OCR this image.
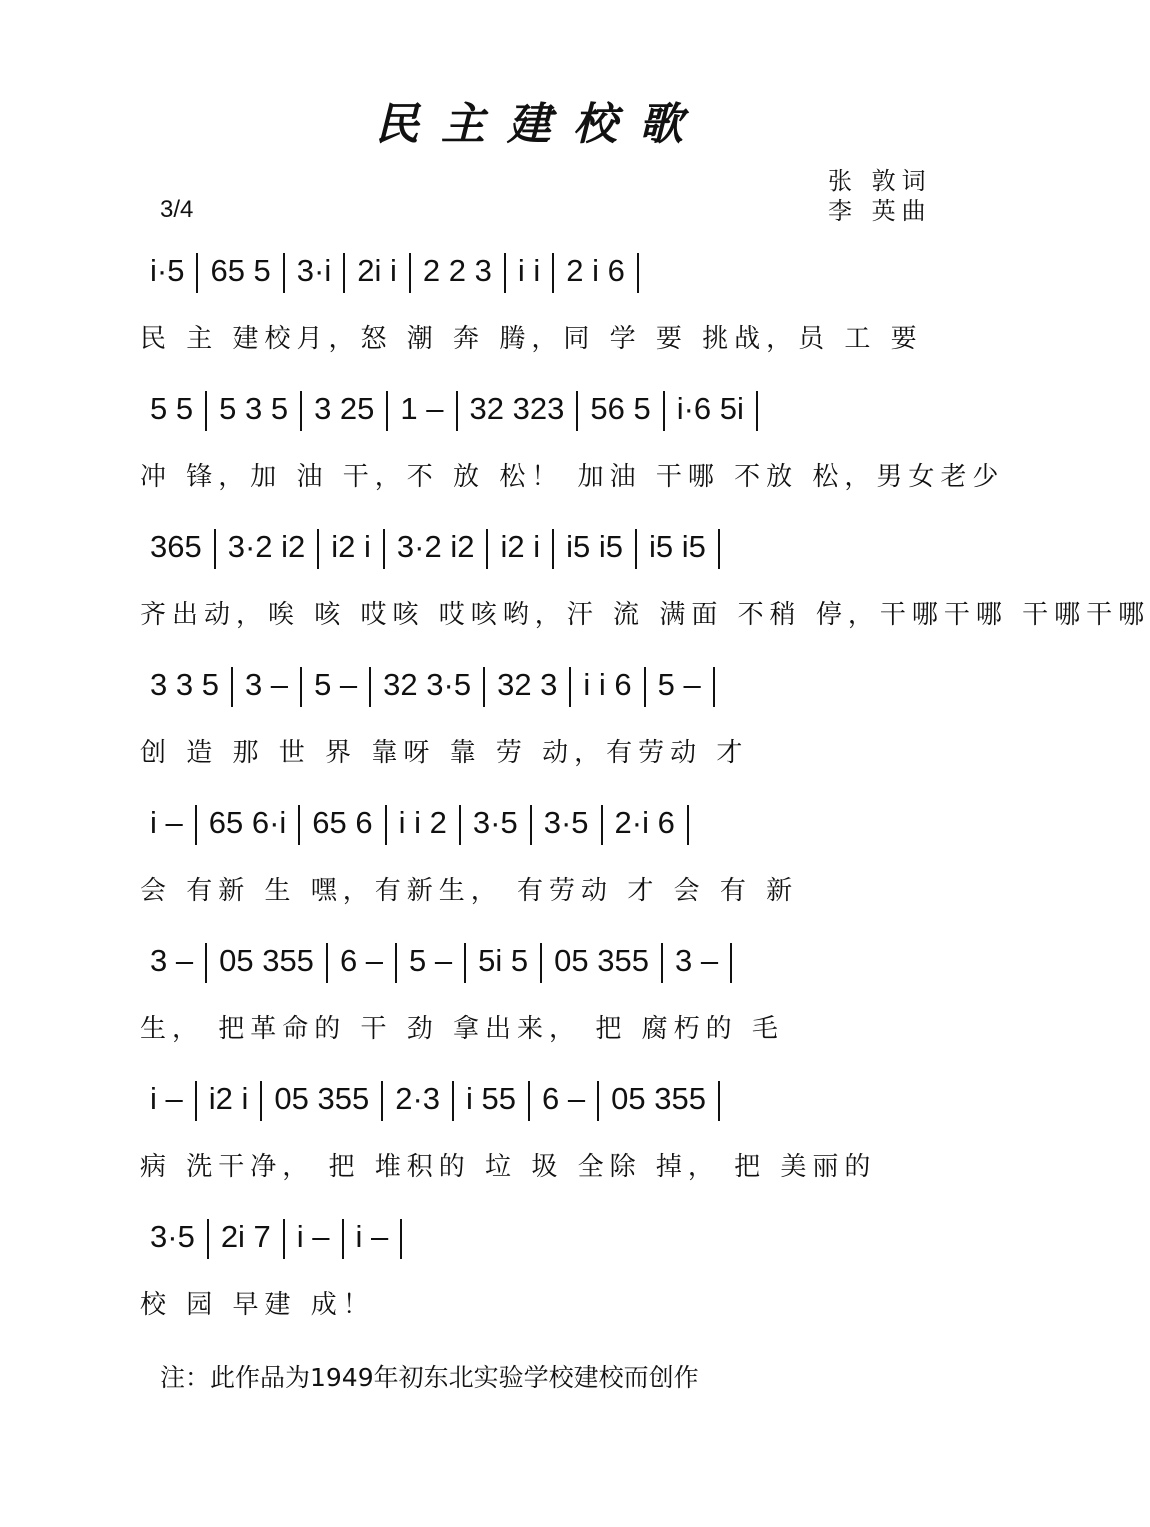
民主建校歌
张 敦词
李 英曲
3/4
i·5 65 5 3·i 2i i 2 2 3 i i 2 i 6
民 主 建校月，怒 潮 奔 腾，同 学 要 挑战，员 工 要
5 5 5 3 5 3 25 1 – 32 323 56 5 i·6 5i
冲 锋，加 油 干，不 放 松！ 加油 干哪 不放 松，男女老少
365 3·2 i2 i2 i 3·2 i2 i2 i i5 i5 i5 i5
齐出动，唉 咳 哎咳 哎咳哟，汗 流 满面 不稍 停，干哪干哪 干哪干哪
3 3 5 3 – 5 – 32 3·5 32 3 i i 6 5 –
创 造 那 世 界 靠呀 靠 劳 动，有劳动 才
i – 65 6·i 65 6 i i 2 3·5 3·5 2·i 6
会 有新 生 嘿，有新生， 有劳动 才 会 有 新
3 – 05 355 6 – 5 – 5i 5 05 355 3 –
生， 把革命的 干 劲 拿出来， 把 腐朽的 毛
i – i2 i 05 355 2·3 i 55 6 – 05 355
病 洗干净， 把 堆积的 垃 圾 全除 掉， 把 美丽的
3·5 2i 7 i – i –
校 园 早建 成！
注：此作品为1949年初东北实验学校建校而创作
